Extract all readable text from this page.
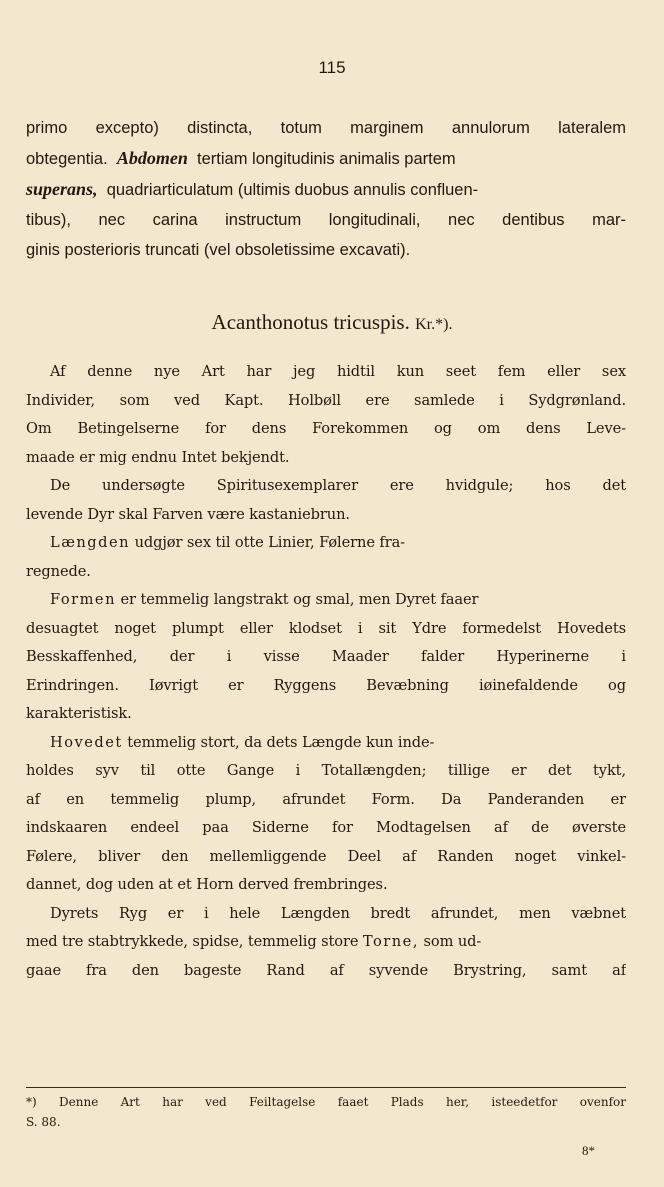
115
primo excepto) distincta, totum marginem annulorum lateralem
obtegentia. Abdomen tertiam longitudinis animalis partem
superans, quadriarticulatum (ultimis duobus annulis confluen-
tibus), nec carina instructum longitudinali, nec dentibus mar-
ginis posterioris truncati (vel obsoletissime excavati).
Acanthonotus tricuspis. Kr.*).
Af denne nye Art har jeg hidtil kun seet fem eller sex
Individer, som ved Kapt. Holbøll ere samlede i Sydgrønland.
Om Betingelserne for dens Forekommen og om dens Leve-
maade er mig endnu Intet bekjendt.
De undersøgte Spiritusexemplarer ere hvidgule; hos det
levende Dyr skal Farven være kastaniebrun.
Længden udgjør sex til otte Linier, Følerne fra-
regnede.
Formen er temmelig langstrakt og smal, men Dyret faaer
desuagtet noget plumpt eller klodset i sit Ydre formedelst Hovedets
Besskaffenhed, der i visse Maader falder Hyperinerne i
Erindringen. Iøvrigt er Ryggens Bevæbning iøinefaldende og
karakteristisk.
Hovedet temmelig stort, da dets Længde kun inde-
holdes syv til otte Gange i Totallængden; tillige er det tykt,
af en temmelig plump, afrundet Form. Da Panderanden er
indskaaren endeel paa Siderne for Modtagelsen af de øverste
Følere, bliver den mellemliggende Deel af Randen noget vinkel-
dannet, dog uden at et Horn derved frembringes.
Dyrets Ryg er i hele Længden bredt afrundet, men væbnet
med tre stabtrykkede, spidse, temmelig store Torne, som ud-
gaae fra den bageste Rand af syvende Brystring, samt af
*) Denne Art har ved Feiltagelse faaet Plads her, isteedetfor ovenfor
S. 88.
8*
